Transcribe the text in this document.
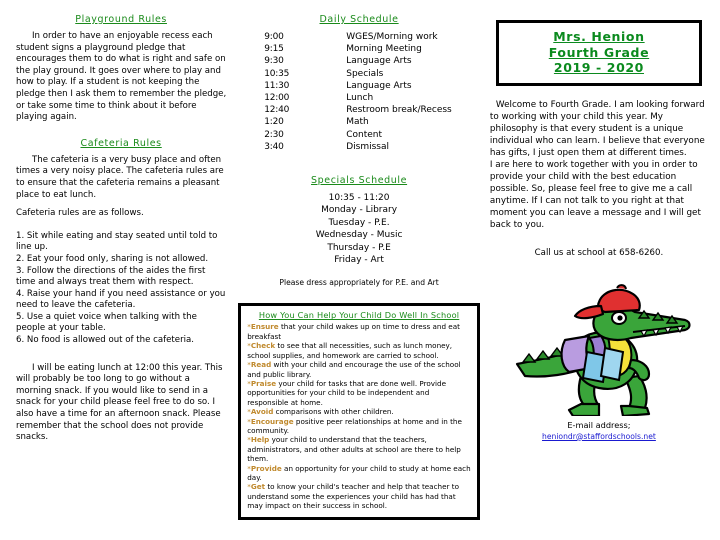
Playground Rules

In order to have an enjoyable recess each student signs a playground pledge that encourages them to do what is right and safe on the play ground. It goes over where to play and how to play. If a student is not keeping the pledge then I ask them to remember the pledge, or take some time to think about it before playing again.

Cafeteria Rules

The cafeteria is a very busy place and often times a very noisy place. The cafeteria rules are to ensure that the cafeteria remains a pleasant place to eat lunch.

Cafeteria rules are as follows.

1. Sit while eating and stay seated until told to line up.

2. Eat your food only, sharing is not allowed.

3. Follow the directions of the aides the first time and always treat them with respect.

4. Raise your hand if you need assistance or you need to leave the cafeteria.

5. Use a quiet voice when talking with the people at your table.

6. No food is allowed out of the cafeteria.

I will be eating lunch at 12:00 this year. This will probably be too long to go without a morning snack. If you would like to send in a snack for your child please feel free to do so. I also have a time for an afternoon snack. Please remember that the school does not provide snacks.

Daily Schedule
9:00	WGES/Morning work
9:15	Morning Meeting
9:30	Language Arts
10:35	Specials
11:30	Language Arts
12:00	Lunch
12:40	Restroom break/Recess
1:20	Math
2:30	Content
3:40	Dismissal
Specials Schedule

10:35 - 11:20

Monday - Library

Tuesday - P.E.

Wednesday - Music

Thursday - P.E

Friday - Art

Please dress appropriately for P.E. and Art

How You Can Help Your Child Do Well In School

*Ensure that your child wakes up on time to dress and eat breakfast

*Check to see that all necessities, such as lunch money, school supplies, and homework are carried to school.

*Read with your child and encourage the use of the school and public library.

*Praise your child for tasks that are done well. Provide opportunities for your child to be independent and responsible at home.

*Avoid comparisons with other children.

*Encourage positive peer relationships at home and in the community.

*Help your child to understand that the teachers, administrators, and other adults at school are there to help them.

*Provide an opportunity for your child to study at home each day.

*Get to know your child's teacher and help that teacher to understand some the experiences your child has had that may impact on their success in school.

Mrs. Henion
Fourth Grade
2019 - 2020

Welcome to Fourth Grade. I am looking forward to working with your child this year. My philosophy is that every student is a unique individual who can learn. I believe that everyone has gifts, I just open them at different times.

I are here to work together with you in order to provide your child with the best education possible. So, please feel free to give me a call anytime. If I can not talk to you right at that moment you can leave a message and I will get back to you.

Call us at school at 658-6260.

E-mail address;
heniondr@staffordschools.net
